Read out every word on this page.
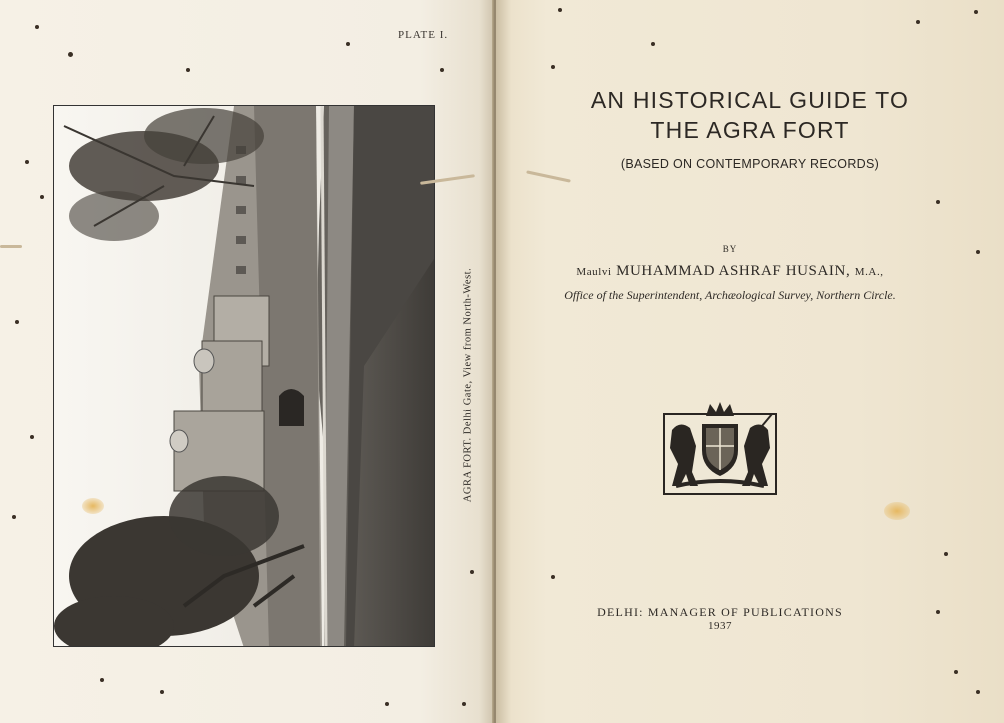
PLATE I.
AGRA FORT. Delhi Gate, View from North-West.
AN HISTORICAL GUIDE TO
THE AGRA FORT
(BASED ON CONTEMPORARY RECORDS)
BY
Maulvi MUHAMMAD ASHRAF HUSAIN, M.A.,
Office of the Superintendent, Archæological Survey, Northern Circle.
DELHI: MANAGER OF PUBLICATIONS
1937
